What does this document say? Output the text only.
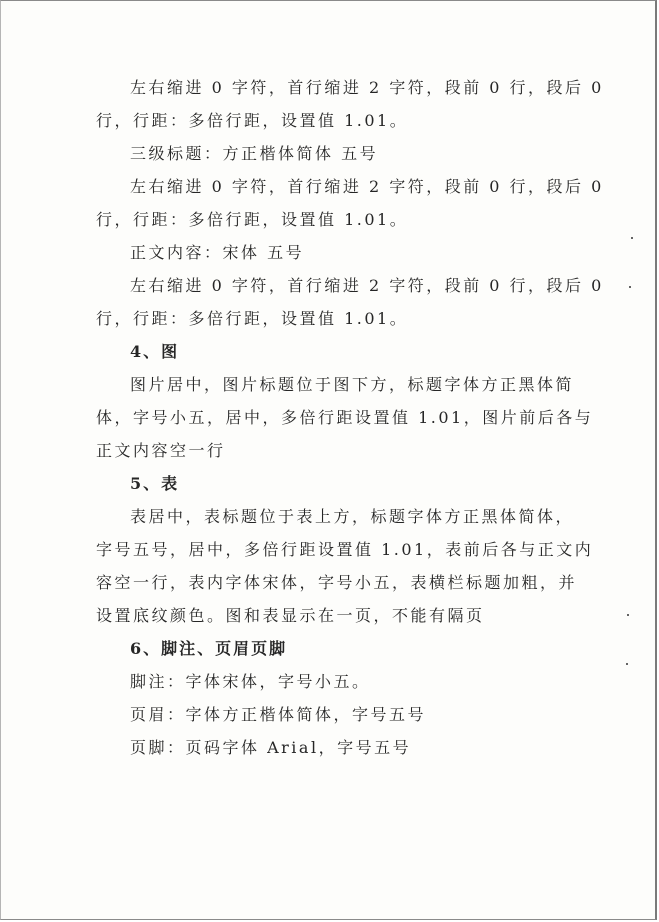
左右缩进 0 字符，首行缩进 2 字符，段前 0 行，段后 0
行，行距：多倍行距，设置值 1.01。
三级标题：方正楷体简体 五号
左右缩进 0 字符，首行缩进 2 字符，段前 0 行，段后 0
行，行距：多倍行距，设置值 1.01。
正文内容：宋体 五号
左右缩进 0 字符，首行缩进 2 字符，段前 0 行，段后 0
行，行距：多倍行距，设置值 1.01。
4、图
图片居中，图片标题位于图下方，标题字体方正黑体简
体，字号小五，居中，多倍行距设置值 1.01，图片前后各与
正文内容空一行
5、表
表居中，表标题位于表上方，标题字体方正黑体简体，
字号五号，居中，多倍行距设置值 1.01，表前后各与正文内
容空一行，表内字体宋体，字号小五，表横栏标题加粗，并
设置底纹颜色。图和表显示在一页，不能有隔页
6、脚注、页眉页脚
脚注：字体宋体，字号小五。
页眉：字体方正楷体简体，字号五号
页脚：页码字体 Arial，字号五号
